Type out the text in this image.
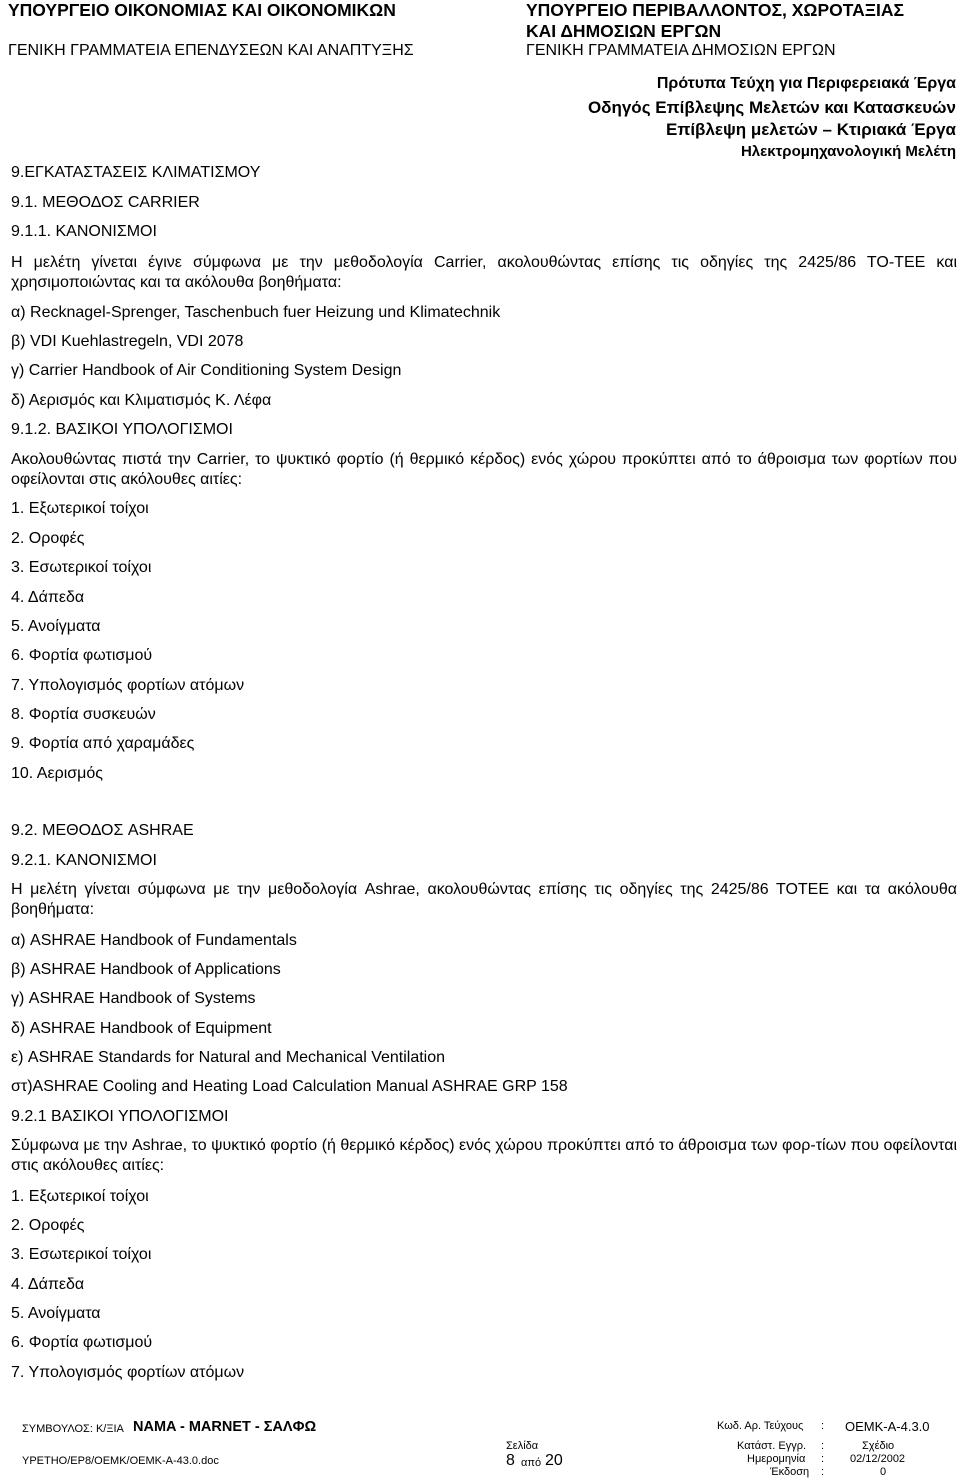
ΥΠΟΥΡΓΕΙΟ ΟΙΚΟΝΟΜΙΑΣ ΚΑΙ ΟΙΚΟΝΟΜΙΚΩΝ
ΓΕΝΙΚΗ ΓΡΑΜΜΑΤΕΙΑ ΕΠΕΝΔΥΣΕΩΝ ΚΑΙ ΑΝΑΠΤΥΞΗΣ
ΥΠΟΥΡΓΕΙΟ ΠΕΡΙΒΑΛΛΟΝΤΟΣ, ΧΩΡΟΤΑΞΙΑΣ
ΚΑΙ ΔΗΜΟΣΙΩΝ ΕΡΓΩΝ
ΓΕΝΙΚΗ ΓΡΑΜΜΑΤΕΙΑ ΔΗΜΟΣΙΩΝ ΕΡΓΩΝ
Πρότυπα Τεύχη για Περιφερειακά Έργα
Οδηγός Επίβλεψης Μελετών και Κατασκευών
Επίβλεψη μελετών – Κτιριακά Έργα
Ηλεκτρομηχανολογική Μελέτη
9.ΕΓΚΑΤΑΣΤΑΣΕΙΣ ΚΛΙΜΑΤΙΣΜΟΥ
9.1. ΜΕΘΟΔΟΣ CARRIER
9.1.1. ΚΑΝΟΝΙΣΜΟΙ
Η μελέτη γίνεται έγινε σύμφωνα με την μεθοδολογία Carrier, ακολουθώντας επίσης τις οδηγίες της 2425/86 ΤΟ-ΤΕΕ και χρησιμοποιώντας και τα ακόλουθα βοηθήματα:
α) Recknagel-Sprenger, Taschenbuch fuer Heizung und Klimatechnik
β) VDI Kuehlastregeln, VDI 2078
γ) Carrier Handbook of Air Conditioning System Design
δ) Αερισμός και Κλιματισμός Κ. Λέφα
9.1.2. ΒΑΣΙΚΟΙ ΥΠΟΛΟΓΙΣΜΟΙ
Ακολουθώντας πιστά την Carrier, το ψυκτικό φορτίο (ή θερμικό κέρδος) ενός χώρου προκύπτει από το άθροισμα των φορτίων που οφείλονται στις ακόλουθες αιτίες:
1. Εξωτερικοί τοίχοι
2. Οροφές
3. Εσωτερικοί τοίχοι
4. Δάπεδα
5. Ανοίγματα
6. Φορτία φωτισμού
7. Υπολογισμός φορτίων ατόμων
8. Φορτία συσκευών
9. Φορτία από χαραμάδες
10. Αερισμός
9.2. ΜΕΘΟΔΟΣ ASHRAE
9.2.1. ΚΑΝΟΝΙΣΜΟΙ
Η μελέτη γίνεται σύμφωνα με την μεθοδολογία Ashrae, ακολουθώντας επίσης τις οδηγίες της 2425/86 ΤΟΤΕΕ και τα ακόλουθα βοηθήματα:
α) ASHRAE Handbook of Fundamentals
β) ASHRAE Handbook of Applications
γ) ASHRAE Handbook of Systems
δ) ASHRAE Handbook of Equipment
ε) ASHRAE Standards for Natural and Mechanical Ventilation
στ)ASHRAE Cooling and Heating Load Calculation Manual ASHRAE GRP 158
9.2.1 ΒΑΣΙΚΟΙ ΥΠΟΛΟΓΙΣΜΟΙ
Σύμφωνα με την Ashrae, το ψυκτικό φορτίο (ή θερμικό κέρδος) ενός χώρου προκύπτει από το άθροισμα των φορ-τίων που οφείλονται στις ακόλουθες αιτίες:
1. Εξωτερικοί τοίχοι
2. Οροφές
3. Εσωτερικοί τοίχοι
4. Δάπεδα
5. Ανοίγματα
6. Φορτία φωτισμού
7. Υπολογισμός φορτίων ατόμων
ΣΥΜΒΟΥΛΟΣ: Κ/ΞΙΑ NAMA - MARNET - ΣΑΛΦΩ
ΥΡΕΤΗΟ/ΕΡ8/ΟΕΜΚ/ΟΕΜΚ-Α-43.0.doc
Σελίδα
8 από 20
Κωδ. Αρ. Τεύχους : ΟΕΜΚ-Α-4.3.0
Κατάστ. Εγγρ. :	Σχέδιο
Ημερομηνία : 02/12/2002
Έκδοση :	0
